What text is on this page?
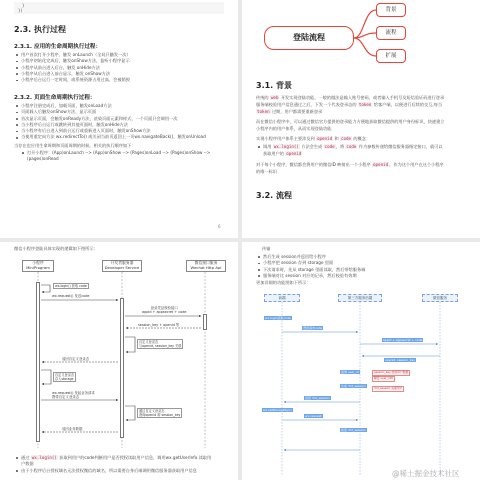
}
})
2.3. 执行过程
2.3.1. 应用的生命周期执行过程：
用户首次打开小程序，触发 onLaunch（全局只触发一次）
小程序初始化完成后，触发onShow方法，监听小程序显示
小程序从前台进入后台，触发 onHide方法
小程序从后台进入前台显示，触发 onShow方法
小程序后台运行一定时间，或系统资源占用过高，会被销毁
2.3.2. 页面生命周期执行过程：
小程序注册完成后，加载页面，触发onLoad方法
页面载入后触发onShow方法，显示页面
首次显示页面，会触发onReady方法，渲染页面元素和样式，一个页面只会调用一次
当小程序后台运行或跳转到其他页面时，触发onHide方法
当小程序有后台进入到前台运行或重新进入页面时，触发onShow方法
当使用重定向方法 wx.redirectTo() 或关闭当前页返回上一页wx.navigateBack()，触发onUnload
当存在也应用生命周期和页面周期的时候，相关的执行顺序如下：
打开小程序：(App)onLaunch --> (App)onShow --> (Pages)onLoad --> (Pages)onShow -->
(pages)onRead
6
登陆流程
背景
流程
扩展
3.1. 背景
传统的 web 开发实现登陆功能，一般的做法是输入账号密码、或者输入手机号及短信验证码进行登录
服务端校验用户信息通过之后，下发一个代表登录态的 token 给客户端，以便进行后续的交互,每当
token 过期，用户都需要重新登录
而在微信小程序中，可以通过微信官方提供的登录能力方便地获取微信提供的用户身份标识，快速建立
小程序内的用户体系，从而实现登陆功能
实现小程序用户体系主要涉及到 openid 和 code 的概念：
调用 wx.login() 方法会生成 code，将 code 作为参数传递给微信服务器指定接口，就可以
获取用户的 openid
对于每个小程序，微信都会将用户的微信ID 映射出一个小程序 openid，作为这个用户在这个小程序
的唯一标识
3.2. 流程
微信小程序登陆具体实现的逻辑如下图所示：
小程序
MiniProgram
开发者服务器
Developer Service
微信接口服务
Wechat Http Api
wx.login() 获取 code
wx.request() 发送code
登录凭证校验接口
appid + appsecret + code
session_key + openid 等
自定义登录态
与openid, session_key 关联
返回自定义登录态
自定义登录态
存入storage
wx.request() 发起业务请求
携带自定义登录态
通过自定义登录态
查询openid 和 session_key
返回业务数据
通过 wx.login() 获取到用户的code判断用户是否授权读取用户信息，调用wx.getUserInfo 读取用
户数据
由于小程序后台授权域名无法授权微信的域名，所以需要自身后端调用微信服务器获取用户信息
传输
然后生成 session并返回给小程序
小程序把 session 存到 storage 里面
下次请求时，先从 storage 里面读取，然后带给服务端
服务端对比 session 对应的记录，然后校验有效期
更加详细的功能图如下所示：
前端	第三方服务后端	微信服务
wx.login获取code
登录请求code
appid + appsecret + code
openid, session_key
查询 user_id	session_key 校验用户数据
解密 user_info
生成 3rd_session	3rd_session 关联用户
返回 3rd_session
wx.setStorageSync
wx.request
检查 3rd_session
@稀土掘金技术社区
